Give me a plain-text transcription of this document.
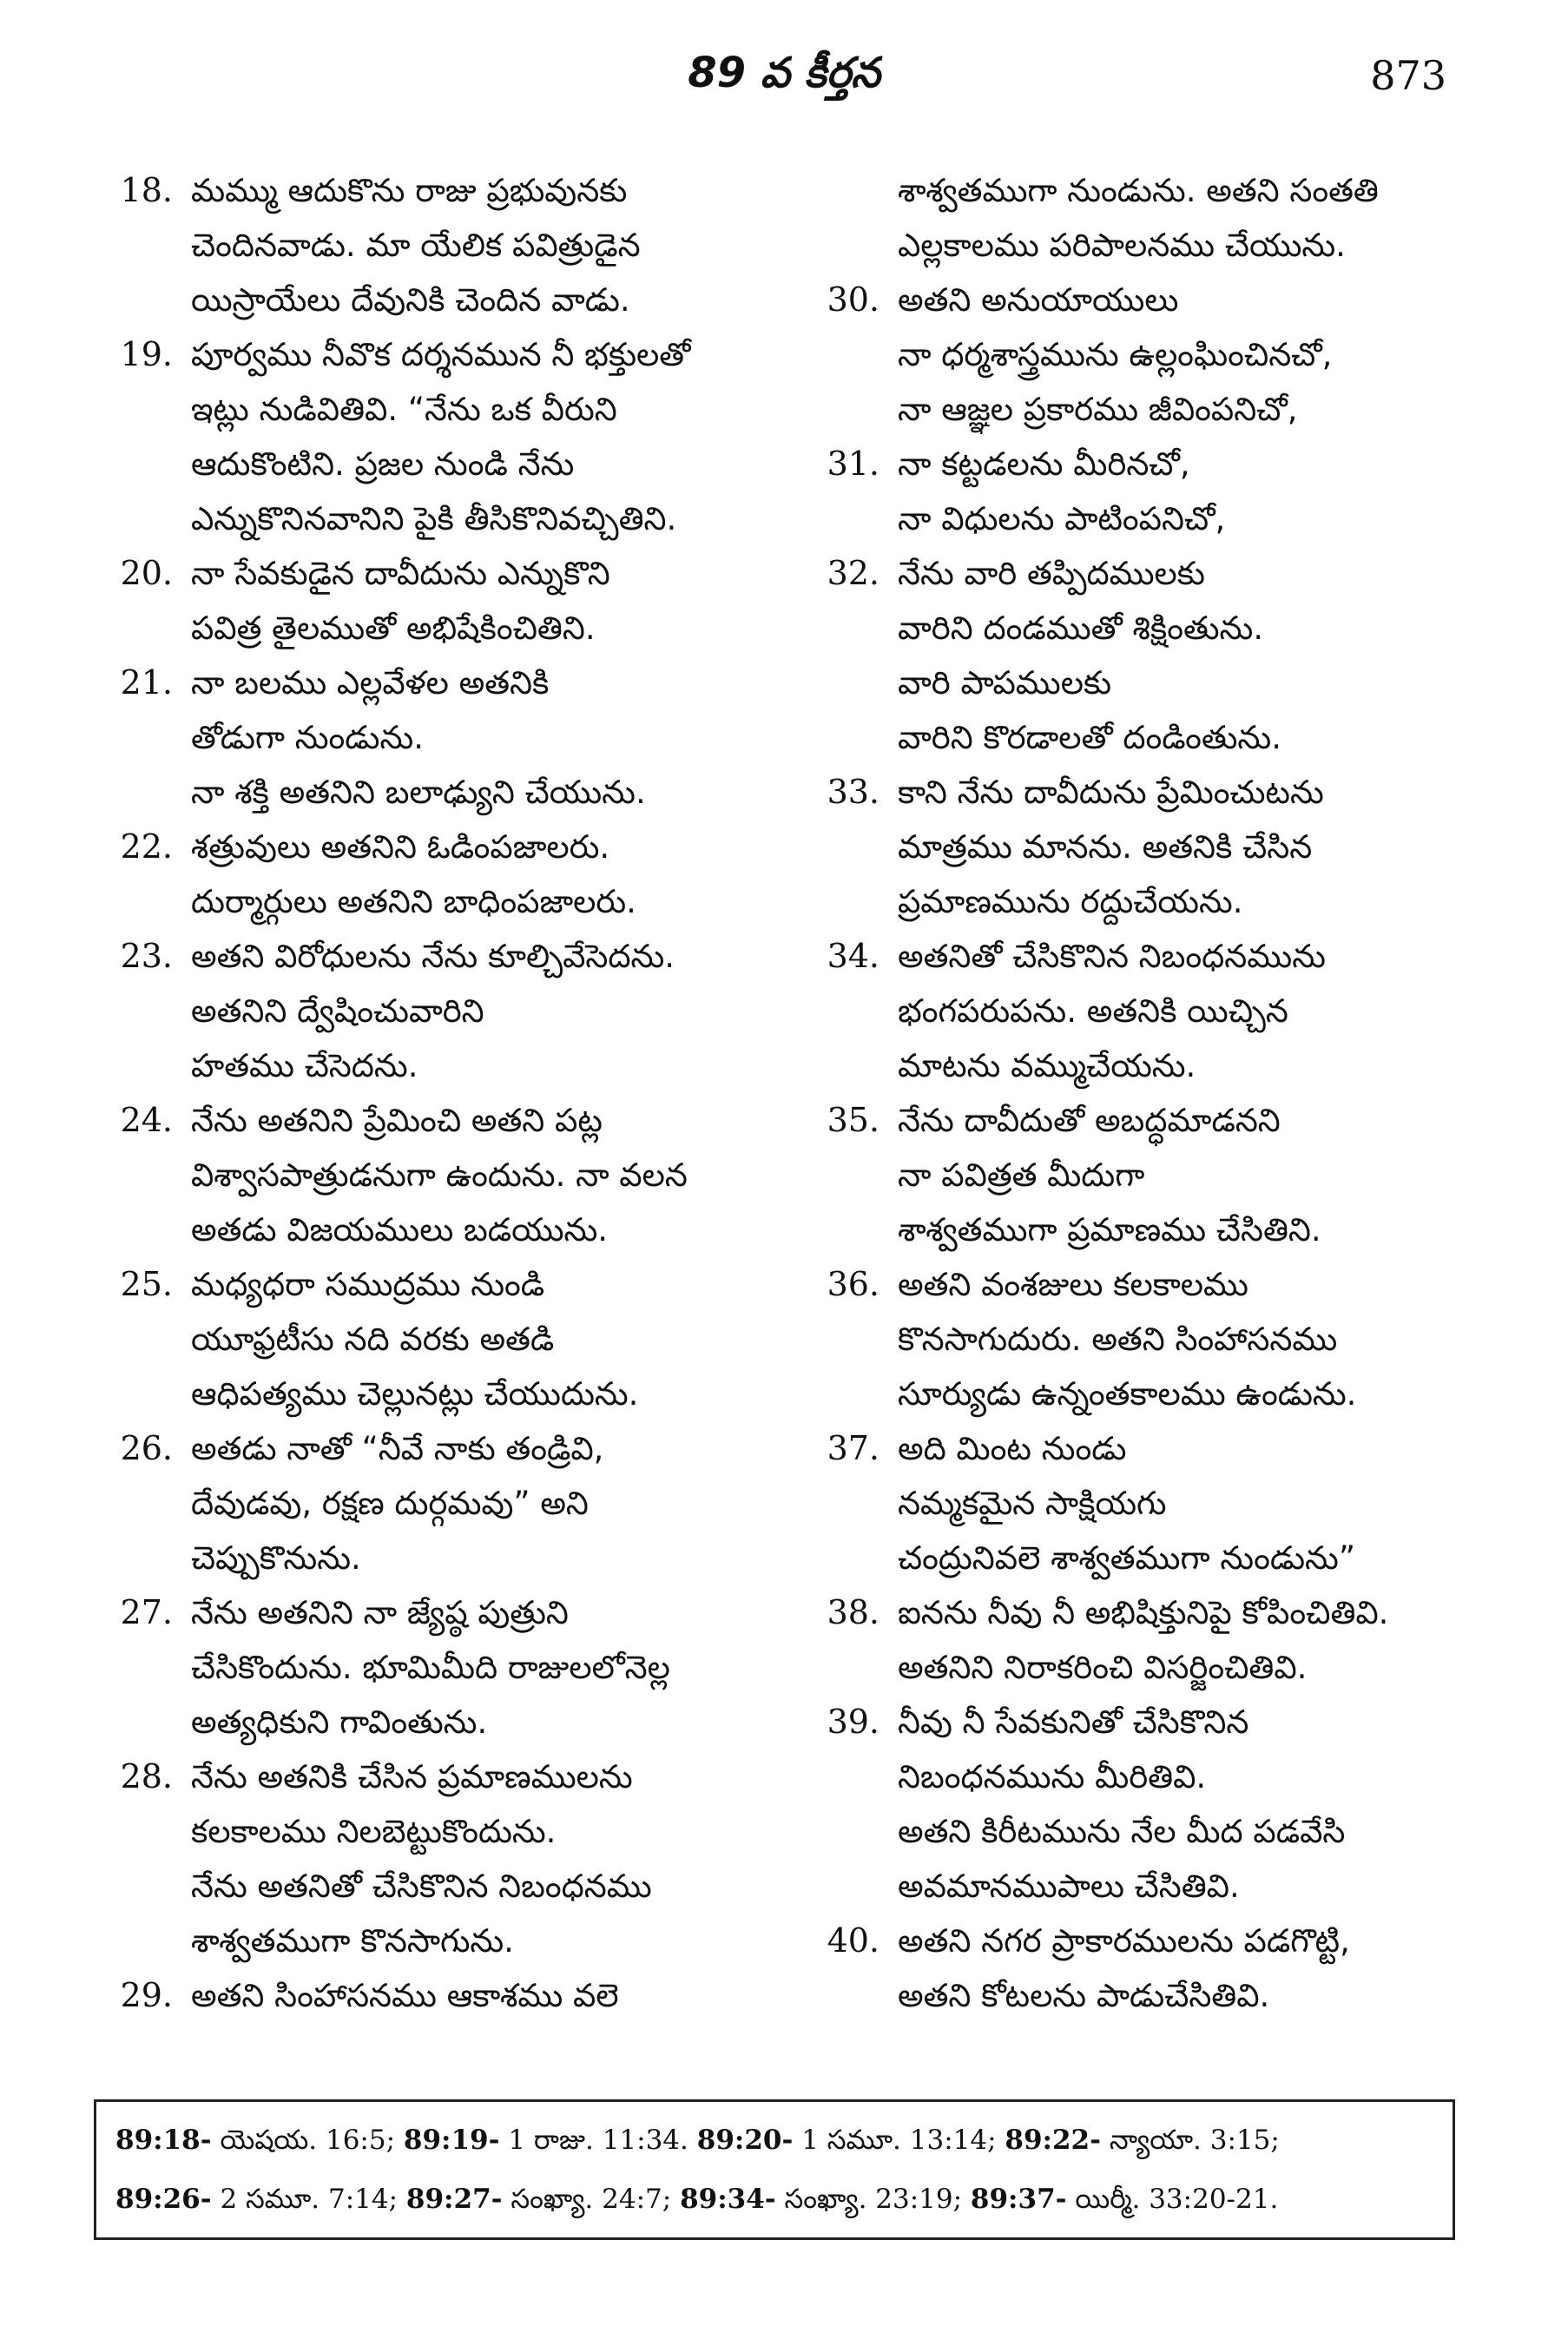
89 వ కీర్తన	873
18. మమ్ము ఆదుకొను రాజు ప్రభువునకు
చెందినవాడు. మా యేలిక పవిత్రుడైన
యిస్రాయేలు దేవునికి చెందిన వాడు.
19. పూర్వము నీవొక దర్శనమున నీ భక్తులతో
ఇట్లు నుడివితివి. “నేను ఒక వీరుని
ఆదుకొంటిని. ప్రజల నుండి నేను
ఎన్నుకొనినవానిని పైకి తీసికొనివచ్చితిని.
20. నా సేవకుడైన దావీదును ఎన్నుకొని
పవిత్ర తైలముతో అభిషేకించితిని.
21. నా బలము ఎల్లవేళల అతనికి
తోడుగా నుండును.
నా శక్తి అతనిని బలాఢ్యుని చేయును.
22. శత్రువులు అతనిని ఓడింపజాలరు.
దుర్మార్గులు అతనిని బాధింపజాలరు.
23. అతని విరోధులను నేను కూల్చివేసెదను.
అతనిని ద్వేషించువారిని
హతము చేసెదను.
24. నేను అతనిని ప్రేమించి అతని పట్ల
విశ్వాసపాత్రుడనుగా ఉందును. నా వలన
అతడు విజయములు బడయును.
25. మధ్యధరా సముద్రము నుండి
యూఫ్రటీసు నది వరకు అతడి
ఆధిపత్యము చెల్లునట్లు చేయుదును.
26. అతడు నాతో “నీవే నాకు తండ్రివి,
దేవుడవు, రక్షణ దుర్గమవు” అని
చెప్పుకొనును.
27. నేను అతనిని నా జ్యేష్ఠ పుత్రుని
చేసికొందును. భూమిమీది రాజులలోనెల్ల
అత్యధికుని గావింతును.
28. నేను అతనికి చేసిన ప్రమాణములను
కలకాలము నిలబెట్టుకొందును.
నేను అతనితో చేసికొనిన నిబంధనము
శాశ్వతముగా కొనసాగును.
29. అతని సింహాసనము ఆకాశము వలె
శాశ్వతముగా నుండును. అతని సంతతి
ఎల్లకాలము పరిపాలనము చేయును.
30. అతని అనుయాయులు
నా ధర్మశాస్త్రమును ఉల్లంఘించినచో,
నా ఆజ్ఞల ప్రకారము జీవింపనిచో,
31. నా కట్టడలను మీరినచో,
నా విధులను పాటింపనిచో,
32. నేను వారి తప్పిదములకు
వారిని దండముతో శిక్షింతును.
వారి పాపములకు
వారిని కొరడాలతో దండింతును.
33. కాని నేను దావీదును ప్రేమించుటను
మాత్రము మానను. అతనికి చేసిన
ప్రమాణమును రద్దుచేయను.
34. అతనితో చేసికొనిన నిబంధనమును
భంగపరుపను. అతనికి యిచ్చిన
మాటను వమ్ముచేయను.
35. నేను దావీదుతో అబద్ధమాడనని
నా పవిత్రత మీదుగా
శాశ్వతముగా ప్రమాణము చేసితిని.
36. అతని వంశజులు కలకాలము
కొనసాగుదురు. అతని సింహాసనము
సూర్యుడు ఉన్నంతకాలము ఉండును.
37. అది మింట నుండు
నమ్మకమైన సాక్షియగు
చంద్రునివలె శాశ్వతముగా నుండును”
38. ఐనను నీవు నీ అభిషిక్తునిపై కోపించితివి.
అతనిని నిరాకరించి విసర్జించితివి.
39. నీవు నీ సేవకునితో చేసికొనిన
నిబంధనమును మీరితివి.
అతని కిరీటమును నేల మీద పడవేసి
అవమానముపాలు చేసితివి.
40. అతని నగర ప్రాకారములను పడగొట్టి,
అతని కోటలను పాడుచేసితివి.
89:18- యెషయ. 16:5; 89:19- 1 రాజు. 11:34. 89:20- 1 సమూ. 13:14; 89:22- న్యాయా. 3:15;
89:26- 2 సమూ. 7:14; 89:27- సంఖ్యా. 24:7; 89:34- సంఖ్యా. 23:19; 89:37- యిర్మీ. 33:20-21.
